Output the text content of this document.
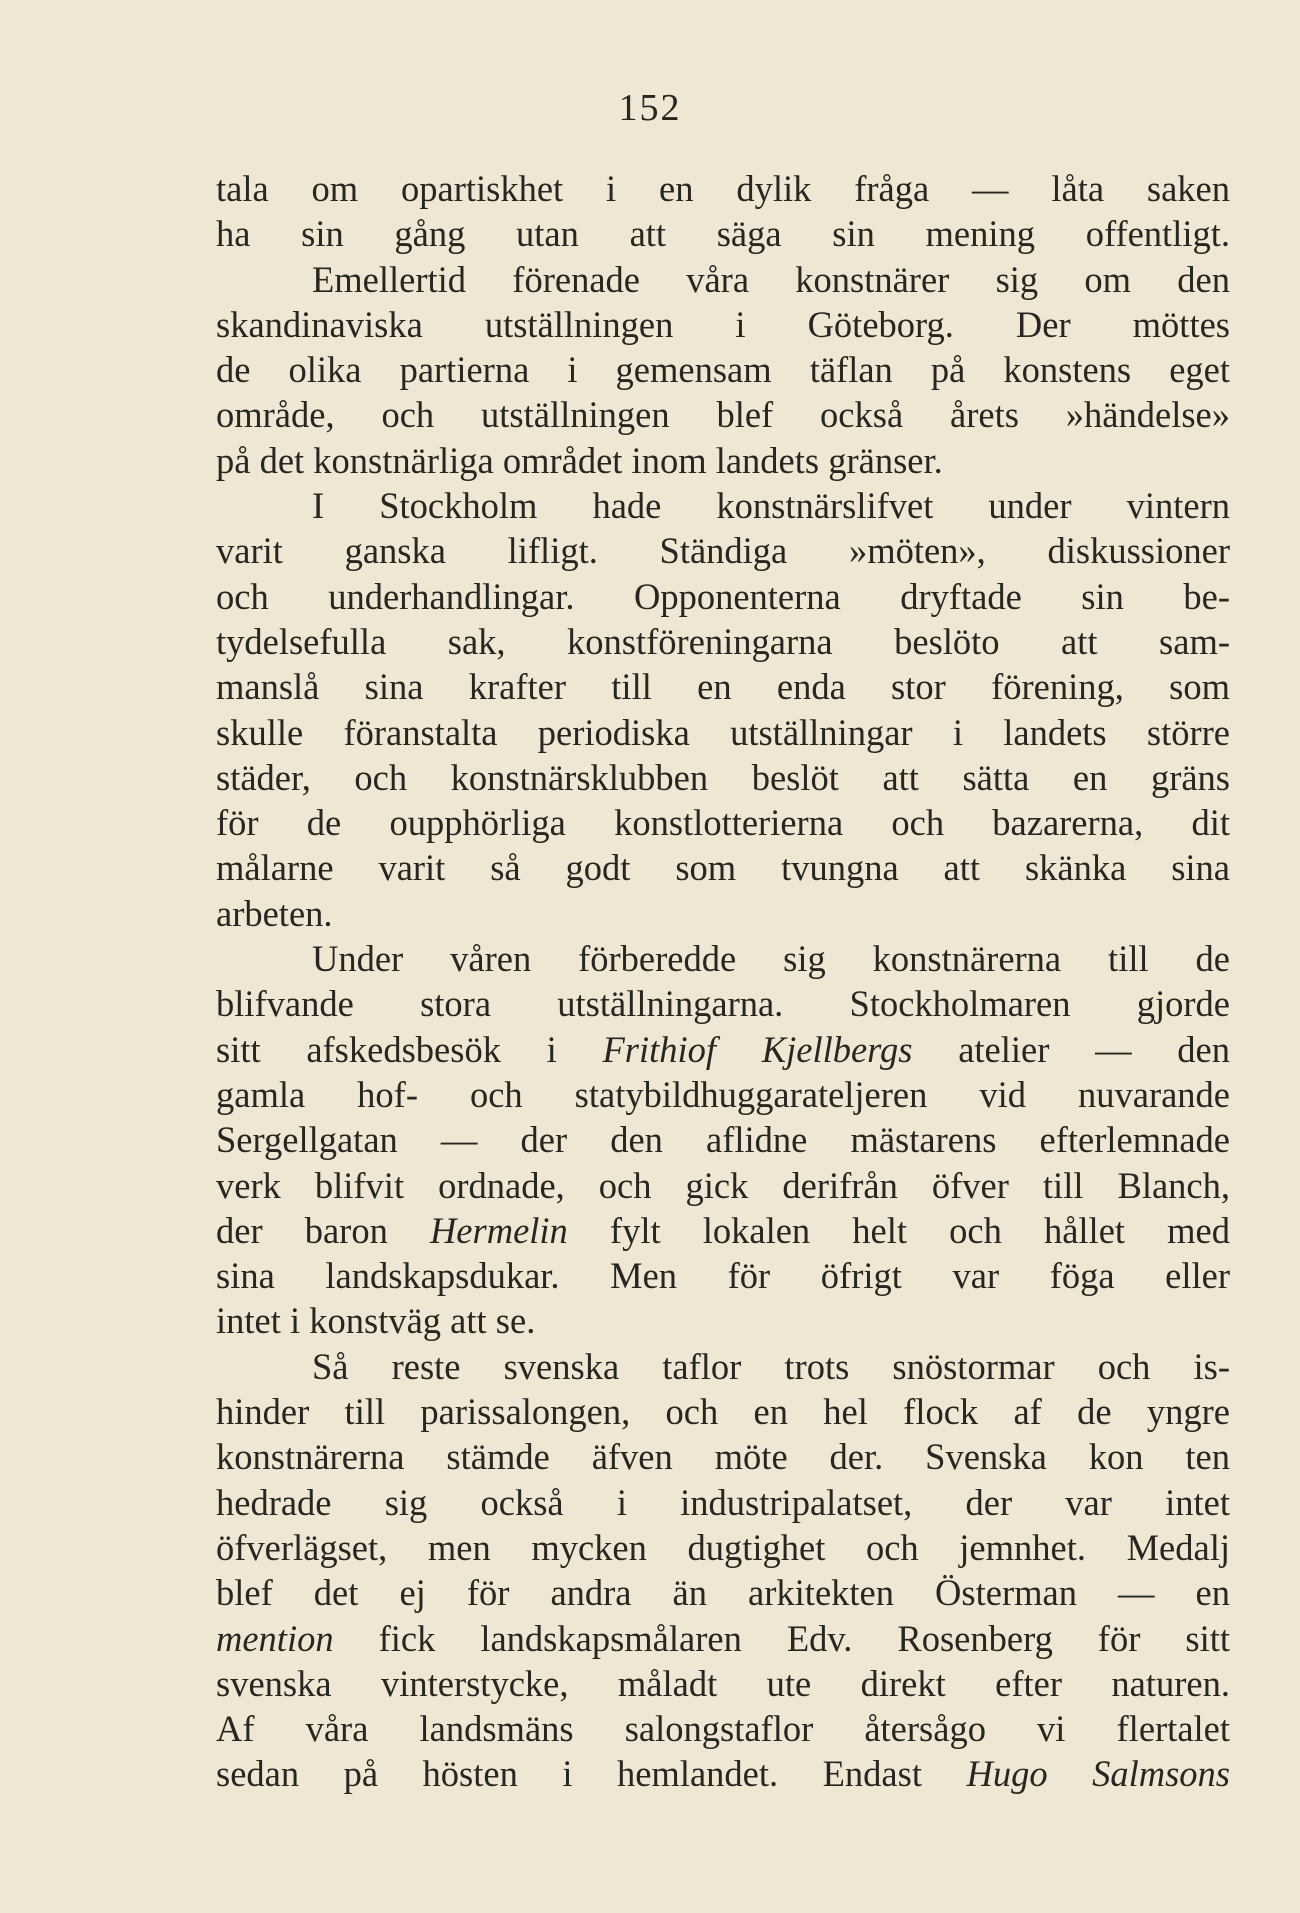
152
tala om opartiskhet i en dylik fråga — låta saken
ha sin gång utan att säga sin mening offentligt.
Emellertid förenade våra konstnärer sig om den
skandinaviska utställningen i Göteborg. Der möttes
de olika partierna i gemensam täflan på konstens eget
område, och utställningen blef också årets »händelse»
på det konstnärliga området inom landets gränser.
I Stockholm hade konstnärslifvet under vintern
varit ganska lifligt. Ständiga »möten», diskussioner
och underhandlingar. Opponenterna dryftade sin be-
tydelsefulla sak, konstföreningarna beslöto att sam-
manslå sina krafter till en enda stor förening, som
skulle föranstalta periodiska utställningar i landets större
städer, och konstnärsklubben beslöt att sätta en gräns
för de oupphörliga konstlotterierna och bazarerna, dit
målarne varit så godt som tvungna att skänka sina
arbeten.
Under våren förberedde sig konstnärerna till de
blifvande stora utställningarna. Stockholmaren gjorde
sitt afskedsbesök i Frithiof Kjellbergs atelier — den
gamla hof- och statybildhuggarateljeren vid nuvarande
Sergellgatan — der den aflidne mästarens efterlemnade
verk blifvit ordnade, och gick derifrån öfver till Blanch,
der baron Hermelin fylt lokalen helt och hållet med
sina landskapsdukar. Men för öfrigt var föga eller
intet i konstväg att se.
Så reste svenska taflor trots snöstormar och is-
hinder till parissalongen, och en hel flock af de yngre
konstnärerna stämde äfven möte der. Svenska kon ten
hedrade sig också i industripalatset, der var intet
öfverlägset, men mycken dugtighet och jemnhet. Medalj
blef det ej för andra än arkitekten Österman — en
mention fick landskapsmålaren Edv. Rosenberg för sitt
svenska vinterstycke, måladt ute direkt efter naturen.
Af våra landsmäns salongstaflor återsågo vi flertalet
sedan på hösten i hemlandet. Endast Hugo Salmsons
